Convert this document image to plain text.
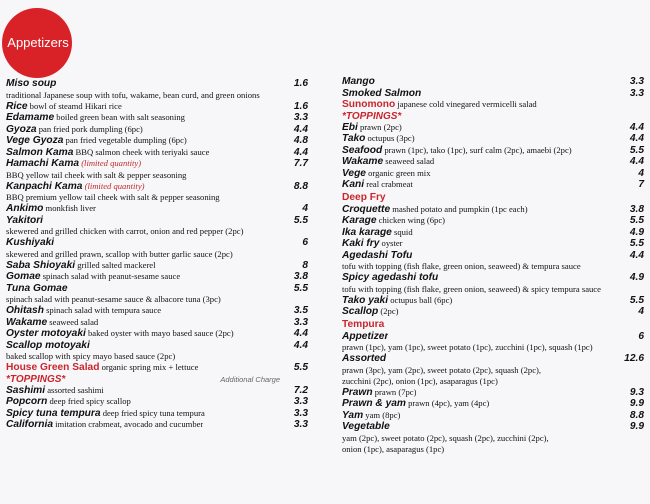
Appetizers
Miso soup	1.6
traditional Japanese soup with tofu, wakame, bean curd, and green onions
Rice bowl of steamd Hikari rice	1.6
Edamame boiled green bean with salt seasoning	3.3
Gyoza pan fried pork dumpling (6pc)	4.4
Vege Gyoza pan fried vegetable dumpling (6pc)	4.8
Salmon Kama BBQ salmon cheek with teriyaki sauce	4.4
Hamachi Kama (limited quantity)	7.7
BBQ yellow tail cheek with salt & pepper seasoning
Kanpachi Kama (limited quantity)	8.8
BBQ premium yellow tail cheek with salt & pepper seasoning
Ankimo monkfish liver	4
Yakitori	5.5
skewered and grilled chicken with carrot, onion and red pepper (2pc)
Kushiyaki	6
skewered and grilled prawn, scallop with butter garlic sauce (2pc)
Saba Shioyaki grilled salted mackerel	8
Gomae spinach salad with peanut-sesame sauce	3.8
Tuna Gomae	5.5
spinach salad with peanut-sesame sauce & albacore tuna (3pc)
Ohitash spinach salad with tempura sauce	3.5
Wakame seaweed salad	3.3
Oyster motoyaki baked oyster with mayo based sauce (2pc)	4.4
Scallop motoyaki	4.4
baked scallop with spicy mayo based sauce (2pc)
House Green Salad organic spring mix + lettuce	5.5
*TOPPINGS*	Additional Charge
Sashimi assorted sashimi	7.2
Popcorn deep fried spicy scallop	3.3
Spicy tuna tempura deep fried spicy tuna tempura	3.3
California imitation crabmeat, avocado and cucumber	3.3
Mango	3.3
Smoked Salmon	3.3
Sunomono japanese cold vinegared vermicelli salad
*TOPPINGS*
Ebi prawn (2pc)	4.4
Tako octupus (3pc)	4.4
Seafood prawn (1pc), tako (1pc), surf calm (2pc), amaebi (2pc)	5.5
Wakame seaweed salad	4.4
Vege organic green mix	4
Kani real crabmeat	7
Deep Fry
Croquette mashed potato and pumpkin (1pc each)	3.8
Karage chicken wing (6pc)	5.5
Ika karage squid	4.9
Kaki fry oyster	5.5
Agedashi Tofu	4.4
tofu with topping (fish flake, green onion, seaweed) & tempura sauce
Spicy agedashi tofu	4.9
tofu with topping (fish flake, green onion, seaweed) & spicy tempura sauce
Tako yaki octupus ball (6pc)	5.5
Scallop (2pc)	4
Tempura
Appetizer	6
prawn (1pc), yam (1pc), sweet potato (1pc), zucchini (1pc), squash (1pc)
Assorted	12.6
prawn (3pc), yam (2pc), sweet potato (2pc), squash (2pc),
zucchini (2pc), onion (1pc), asaparagus (1pc)
Prawn prawn (7pc)	9.3
Prawn & yam prawn (4pc), yam (4pc)	9.9
Yam yam (8pc)	8.8
Vegetable	9.9
yam (2pc), sweet potato (2pc), squash (2pc), zucchini (2pc),
onion (1pc), asaparagus (1pc)
